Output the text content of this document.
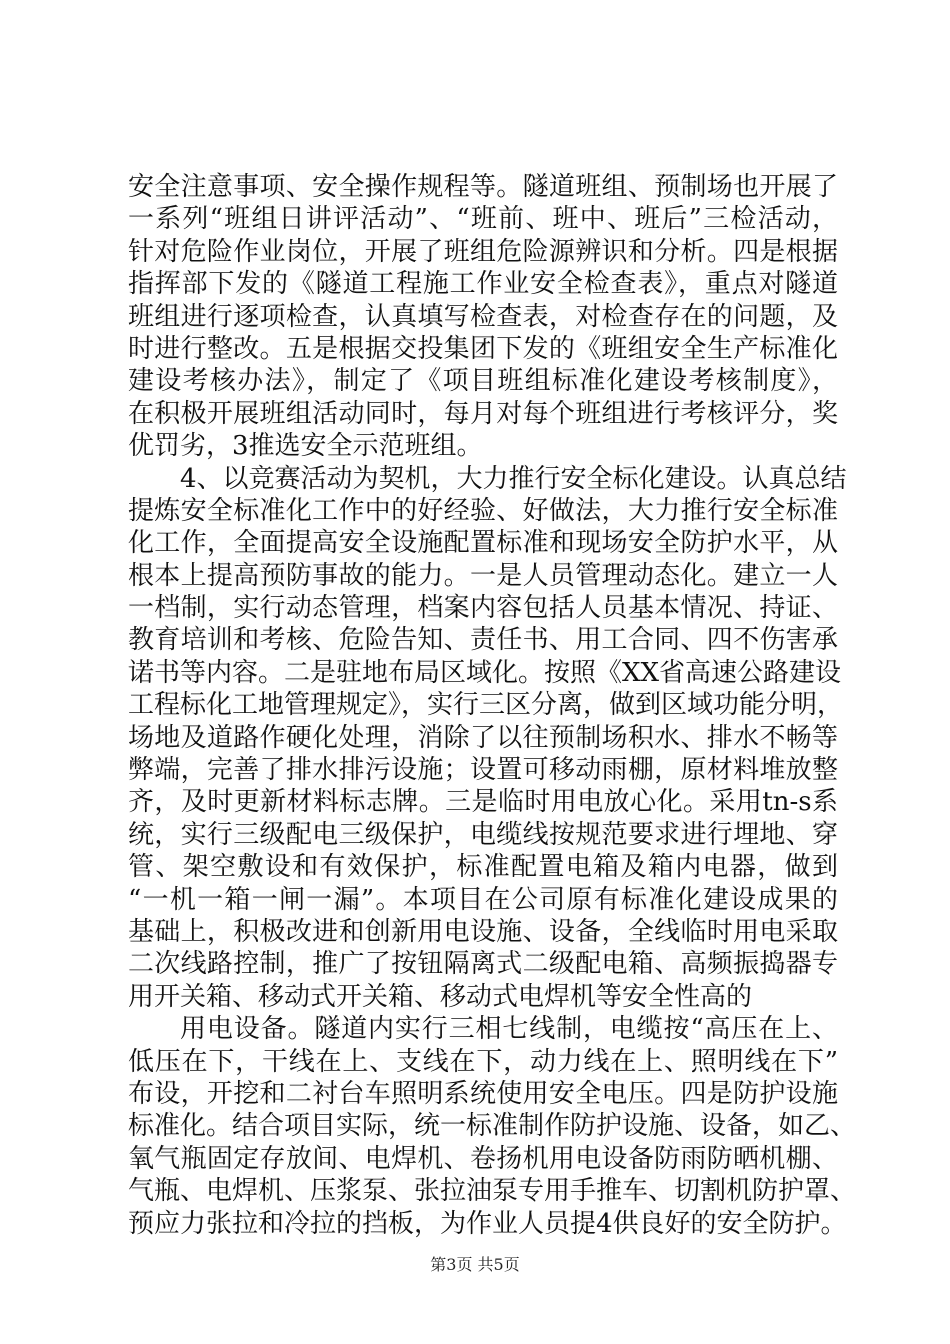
安全注意事项、安全操作规程等。隧道班组、预制场也开展了
一系列“班组日讲评活动”、“班前、班中、班后”三检活动，
针对危险作业岗位，开展了班组危险源辨识和分析。四是根据
指挥部下发的《隧道工程施工作业安全检查表》，重点对隧道
班组进行逐项检查，认真填写检查表，对检查存在的问题，及
时进行整改。五是根据交投集团下发的《班组安全生产标准化
建设考核办法》，制定了《项目班组标准化建设考核制度》，
在积极开展班组活动同时，每月对每个班组进行考核评分，奖
优罚劣，3推选安全示范班组。
4、以竞赛活动为契机，大力推行安全标化建设。认真总结
提炼安全标准化工作中的好经验、好做法，大力推行安全标准
化工作，全面提高安全设施配置标准和现场安全防护水平，从
根本上提高预防事故的能力。一是人员管理动态化。建立一人
一档制，实行动态管理，档案内容包括人员基本情况、持证、
教育培训和考核、危险告知、责任书、用工合同、四不伤害承
诺书等内容。二是驻地布局区域化。按照《XX省高速公路建设
工程标化工地管理规定》，实行三区分离，做到区域功能分明，
场地及道路作硬化处理，消除了以往预制场积水、排水不畅等
弊端，完善了排水排污设施；设置可移动雨棚，原材料堆放整
齐，及时更新材料标志牌。三是临时用电放心化。采用tn-s系
统，实行三级配电三级保护，电缆线按规范要求进行埋地、穿
管、架空敷设和有效保护，标准配置电箱及箱内电器，做到
“一机一箱一闸一漏”。本项目在公司原有标准化建设成果的
基础上，积极改进和创新用电设施、设备，全线临时用电采取
二次线路控制，推广了按钮隔离式二级配电箱、高频振捣器专
用开关箱、移动式开关箱、移动式电焊机等安全性高的
用电设备。隧道内实行三相七线制，电缆按“高压在上、
低压在下，干线在上、支线在下，动力线在上、照明线在下”
布设，开挖和二衬台车照明系统使用安全电压。四是防护设施
标准化。结合项目实际，统一标准制作防护设施、设备，如乙、
氧气瓶固定存放间、电焊机、卷扬机用电设备防雨防晒机棚、
气瓶、电焊机、压浆泵、张拉油泵专用手推车、切割机防护罩、
预应力张拉和冷拉的挡板，为作业人员提4供良好的安全防护。
第3页 共5页
